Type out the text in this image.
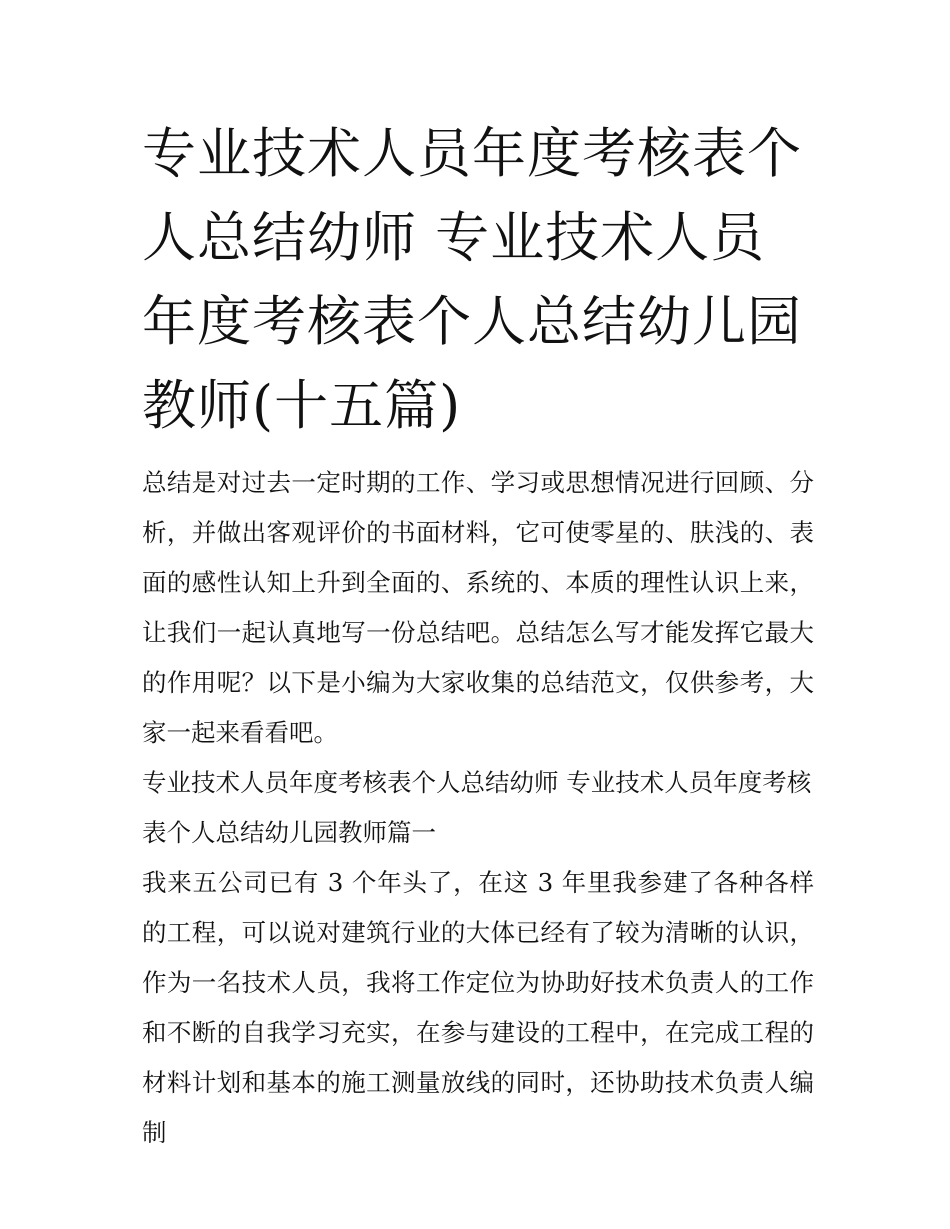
专业技术人员年度考核表个人总结幼师 专业技术人员年度考核表个人总结幼儿园教师(十五篇)

总结是对过去一定时期的工作、学习或思想情况进行回顾、分析，并做出客观评价的书面材料，它可使零星的、肤浅的、表面的感性认知上升到全面的、系统的、本质的理性认识上来，让我们一起认真地写一份总结吧。总结怎么写才能发挥它最大的作用呢？以下是小编为大家收集的总结范文，仅供参考，大家一起来看看吧。

专业技术人员年度考核表个人总结幼师 专业技术人员年度考核表个人总结幼儿园教师篇一

我来五公司已有 3 个年头了，在这 3 年里我参建了各种各样的工程，可以说对建筑行业的大体已经有了较为清晰的认识，作为一名技术人员，我将工作定位为协助好技术负责人的工作和不断的自我学习充实，在参与建设的工程中，在完成工程的材料计划和基本的施工测量放线的同时，还协助技术负责人编制
